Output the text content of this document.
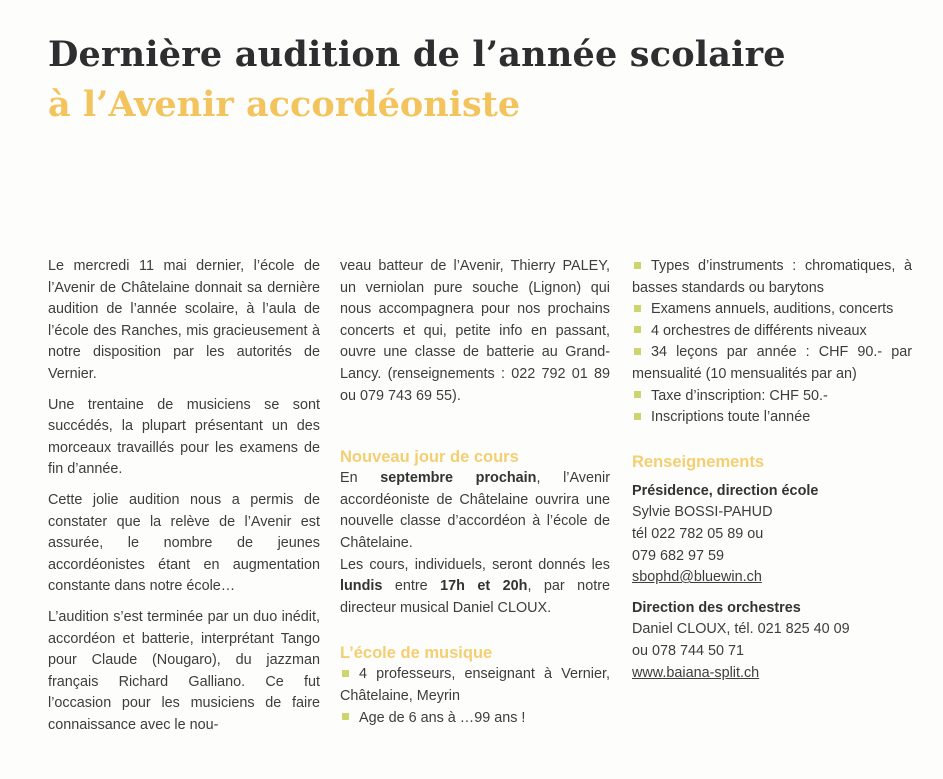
Dernière audition de l’année scolaire
à l’Avenir accordéoniste

Le mercredi 11 mai dernier, l’école de l’Avenir de Châtelaine donnait sa dernière audition de l’année scolaire, à l’aula de l’école des Ranches, mis gracieusement à notre disposition par les autorités de Vernier.

Une trentaine de musiciens se sont succédés, la plupart présentant un des morceaux travaillés pour les examens de fin d’année.

Cette jolie audition nous a permis de constater que la relève de l’Avenir est assurée, le nombre de jeunes accordéonistes étant en augmentation constante dans notre école…

L’audition s’est terminée par un duo inédit, accordéon et batterie, interprétant Tango pour Claude (Nougaro), du jazzman français Richard Galliano. Ce fut l’occasion pour les musiciens de faire connaissance avec le nou-

veau batteur de l’Avenir, Thierry PALEY, un verniolan pure souche (Lignon) qui nous accompagnera pour nos prochains concerts et qui, petite info en passant, ouvre une classe de batterie au Grand-Lancy. (renseignements : 022 792 01 89 ou 079 743 69 55).

Nouveau jour de cours

En septembre prochain, l’Avenir accordéoniste de Châtelaine ouvrira une nouvelle classe d’accordéon à l’école de Châtelaine.

Les cours, individuels, seront donnés les lundis entre 17h et 20h, par notre directeur musical Daniel CLOUX.

L’école de musique
4 professeurs, enseignant à Vernier, Châtelaine, Meyrin
Age de 6 ans à …99 ans !
Types d’instruments : chromatiques, à basses standards ou barytons
Examens annuels, auditions, concerts
4 orchestres de différents niveaux
34 leçons par année : CHF 90.- par mensualité (10 mensualités par an)
Taxe d’inscription: CHF 50.-
Inscriptions toute l’année
Renseignements
Présidence, direction école
Sylvie BOSSI-PAHUD
tél 022 782 05 89 ou
079 682 97 59
sbophd@bluewin.ch
Direction des orchestres
Daniel CLOUX, tél. 021 825 40 09
ou 078 744 50 71
www.baiana-split.ch
